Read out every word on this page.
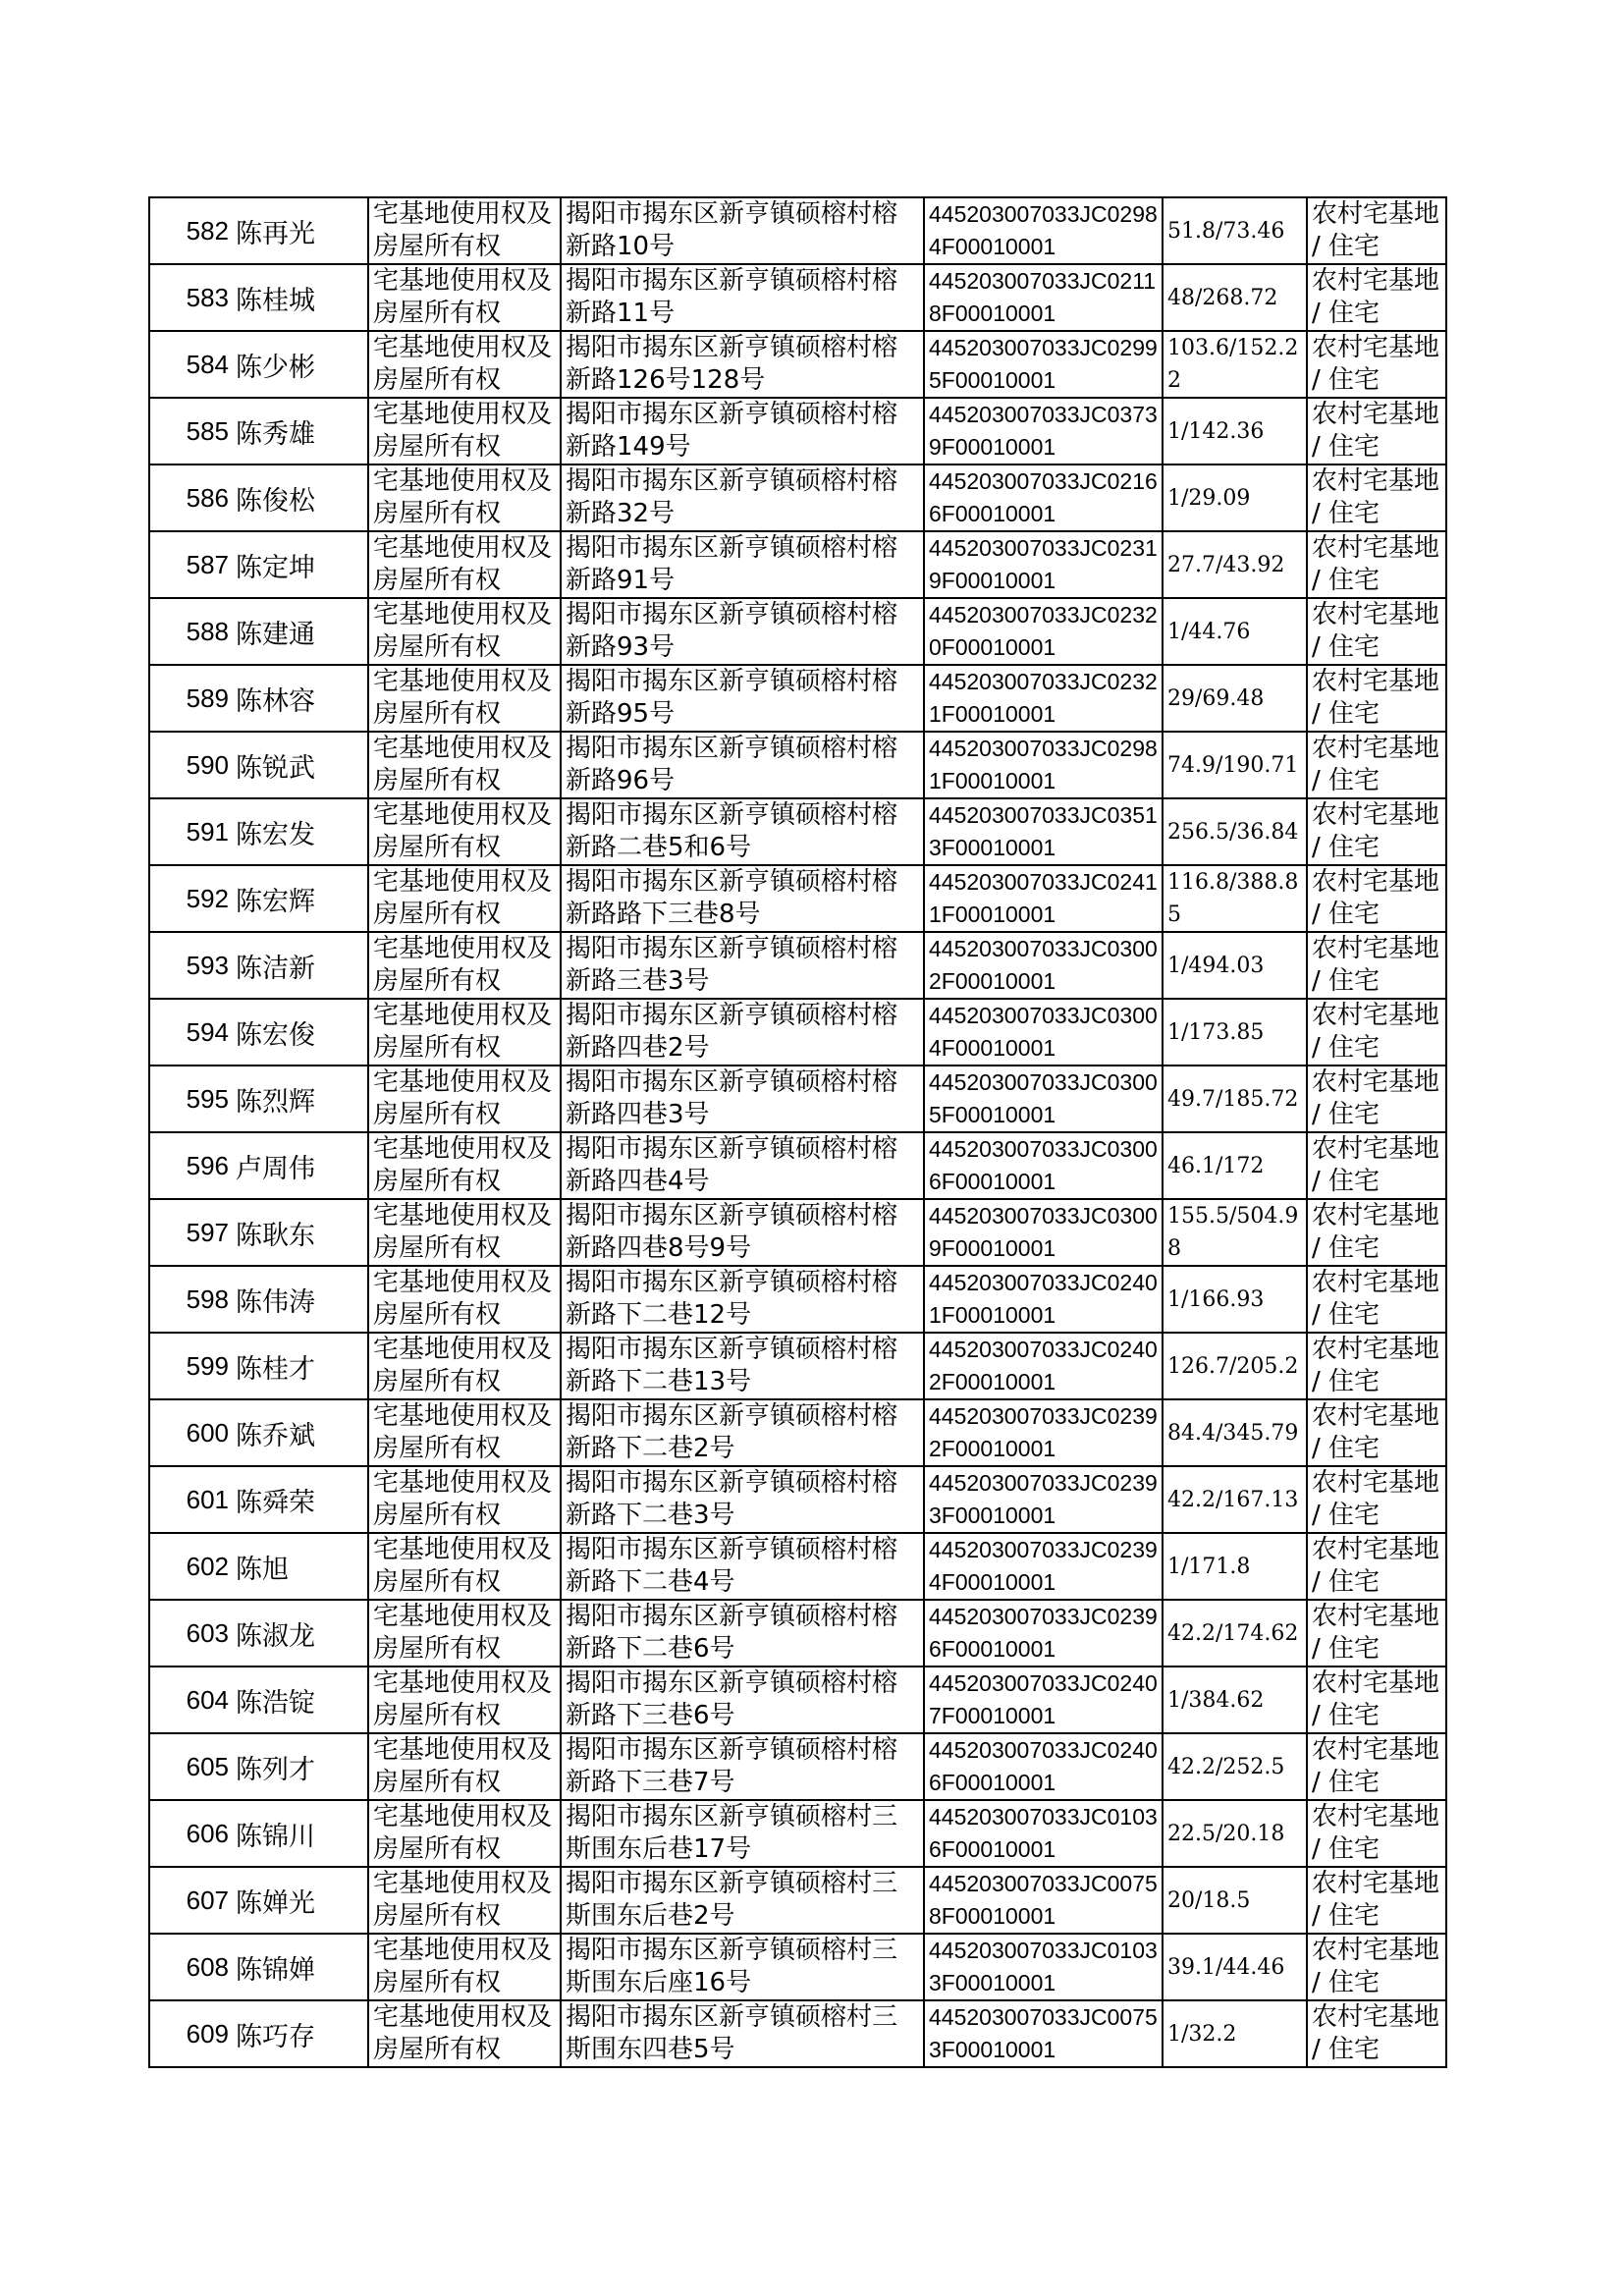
582	陈再光	宅基地使用权及房屋所有权	揭阳市揭东区新亨镇硕榕村榕新路10号	445203007033JC02984F00010001	51.8/73.46	农村宅基地 / 住宅
583	陈桂城	宅基地使用权及房屋所有权	揭阳市揭东区新亨镇硕榕村榕新路11号	445203007033JC02118F00010001	48/268.72	农村宅基地 / 住宅
584	陈少彬	宅基地使用权及房屋所有权	揭阳市揭东区新亨镇硕榕村榕新路126号128号	445203007033JC02995F00010001	103.6/152.22	农村宅基地 / 住宅
585	陈秀雄	宅基地使用权及房屋所有权	揭阳市揭东区新亨镇硕榕村榕新路149号	445203007033JC03739F00010001	1/142.36	农村宅基地 / 住宅
586	陈俊松	宅基地使用权及房屋所有权	揭阳市揭东区新亨镇硕榕村榕新路32号	445203007033JC02166F00010001	1/29.09	农村宅基地 / 住宅
587	陈定坤	宅基地使用权及房屋所有权	揭阳市揭东区新亨镇硕榕村榕新路91号	445203007033JC02319F00010001	27.7/43.92	农村宅基地 / 住宅
588	陈建通	宅基地使用权及房屋所有权	揭阳市揭东区新亨镇硕榕村榕新路93号	445203007033JC02320F00010001	1/44.76	农村宅基地 / 住宅
589	陈林容	宅基地使用权及房屋所有权	揭阳市揭东区新亨镇硕榕村榕新路95号	445203007033JC02321F00010001	29/69.48	农村宅基地 / 住宅
590	陈锐武	宅基地使用权及房屋所有权	揭阳市揭东区新亨镇硕榕村榕新路96号	445203007033JC02981F00010001	74.9/190.71	农村宅基地 / 住宅
591	陈宏发	宅基地使用权及房屋所有权	揭阳市揭东区新亨镇硕榕村榕新路二巷5和6号	445203007033JC03513F00010001	256.5/36.84	农村宅基地 / 住宅
592	陈宏辉	宅基地使用权及房屋所有权	揭阳市揭东区新亨镇硕榕村榕新路路下三巷8号	445203007033JC02411F00010001	116.8/388.85	农村宅基地 / 住宅
593	陈洁新	宅基地使用权及房屋所有权	揭阳市揭东区新亨镇硕榕村榕新路三巷3号	445203007033JC03002F00010001	1/494.03	农村宅基地 / 住宅
594	陈宏俊	宅基地使用权及房屋所有权	揭阳市揭东区新亨镇硕榕村榕新路四巷2号	445203007033JC03004F00010001	1/173.85	农村宅基地 / 住宅
595	陈烈辉	宅基地使用权及房屋所有权	揭阳市揭东区新亨镇硕榕村榕新路四巷3号	445203007033JC03005F00010001	49.7/185.72	农村宅基地 / 住宅
596	卢周伟	宅基地使用权及房屋所有权	揭阳市揭东区新亨镇硕榕村榕新路四巷4号	445203007033JC03006F00010001	46.1/172	农村宅基地 / 住宅
597	陈耿东	宅基地使用权及房屋所有权	揭阳市揭东区新亨镇硕榕村榕新路四巷8号9号	445203007033JC03009F00010001	155.5/504.98	农村宅基地 / 住宅
598	陈伟涛	宅基地使用权及房屋所有权	揭阳市揭东区新亨镇硕榕村榕新路下二巷12号	445203007033JC02401F00010001	1/166.93	农村宅基地 / 住宅
599	陈桂才	宅基地使用权及房屋所有权	揭阳市揭东区新亨镇硕榕村榕新路下二巷13号	445203007033JC02402F00010001	126.7/205.2	农村宅基地 / 住宅
600	陈乔斌	宅基地使用权及房屋所有权	揭阳市揭东区新亨镇硕榕村榕新路下二巷2号	445203007033JC02392F00010001	84.4/345.79	农村宅基地 / 住宅
601	陈舜荣	宅基地使用权及房屋所有权	揭阳市揭东区新亨镇硕榕村榕新路下二巷3号	445203007033JC02393F00010001	42.2/167.13	农村宅基地 / 住宅
602	陈旭	宅基地使用权及房屋所有权	揭阳市揭东区新亨镇硕榕村榕新路下二巷4号	445203007033JC02394F00010001	1/171.8	农村宅基地 / 住宅
603	陈淑龙	宅基地使用权及房屋所有权	揭阳市揭东区新亨镇硕榕村榕新路下二巷6号	445203007033JC02396F00010001	42.2/174.62	农村宅基地 / 住宅
604	陈浩锭	宅基地使用权及房屋所有权	揭阳市揭东区新亨镇硕榕村榕新路下三巷6号	445203007033JC02407F00010001	1/384.62	农村宅基地 / 住宅
605	陈列才	宅基地使用权及房屋所有权	揭阳市揭东区新亨镇硕榕村榕新路下三巷7号	445203007033JC02406F00010001	42.2/252.5	农村宅基地 / 住宅
606	陈锦川	宅基地使用权及房屋所有权	揭阳市揭东区新亨镇硕榕村三斯围东后巷17号	445203007033JC01036F00010001	22.5/20.18	农村宅基地 / 住宅
607	陈婵光	宅基地使用权及房屋所有权	揭阳市揭东区新亨镇硕榕村三斯围东后巷2号	445203007033JC00758F00010001	20/18.5	农村宅基地 / 住宅
608	陈锦婵	宅基地使用权及房屋所有权	揭阳市揭东区新亨镇硕榕村三斯围东后座16号	445203007033JC01033F00010001	39.1/44.46	农村宅基地 / 住宅
609	陈巧存	宅基地使用权及房屋所有权	揭阳市揭东区新亨镇硕榕村三斯围东四巷5号	445203007033JC00753F00010001	1/32.2	农村宅基地 / 住宅
